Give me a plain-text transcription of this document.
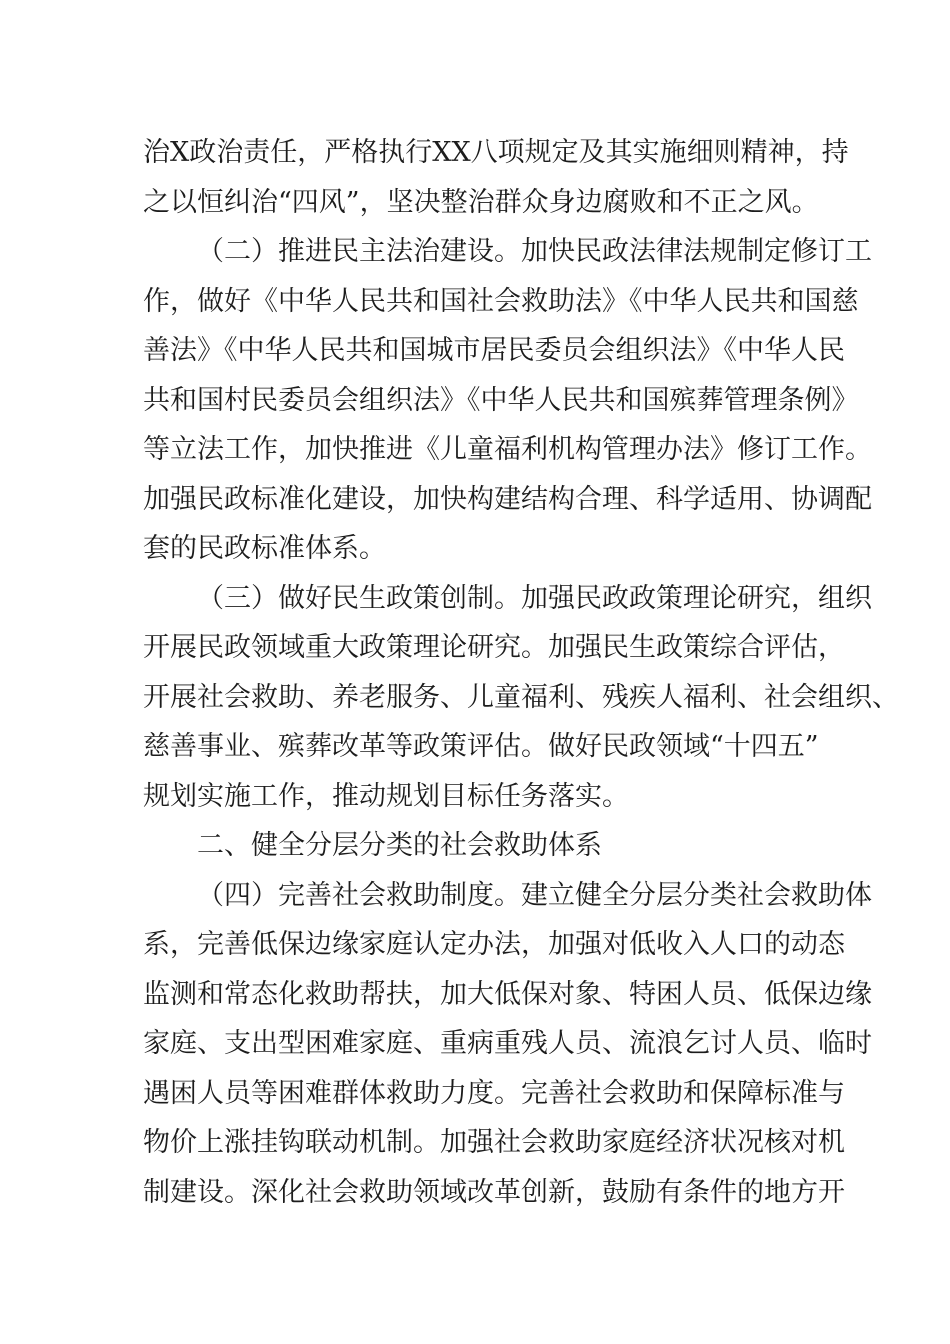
治X政治责任，严格执行XX八项规定及其实施细则精神，持
之以恒纠治“四风”，坚决整治群众身边腐败和不正之风。
（二）推进民主法治建设。加快民政法律法规制定修订工
作，做好《中华人民共和国社会救助法》《中华人民共和国慈
善法》《中华人民共和国城市居民委员会组织法》《中华人民
共和国村民委员会组织法》《中华人民共和国殡葬管理条例》
等立法工作，加快推进《儿童福利机构管理办法》修订工作。
加强民政标准化建设，加快构建结构合理、科学适用、协调配
套的民政标准体系。
（三）做好民生政策创制。加强民政政策理论研究，组织
开展民政领域重大政策理论研究。加强民生政策综合评估，
开展社会救助、养老服务、儿童福利、残疾人福利、社会组织、
慈善事业、殡葬改革等政策评估。做好民政领域“十四五”
规划实施工作，推动规划目标任务落实。
二、健全分层分类的社会救助体系
（四）完善社会救助制度。建立健全分层分类社会救助体
系，完善低保边缘家庭认定办法，加强对低收入人口的动态
监测和常态化救助帮扶，加大低保对象、特困人员、低保边缘
家庭、支出型困难家庭、重病重残人员、流浪乞讨人员、临时
遇困人员等困难群体救助力度。完善社会救助和保障标准与
物价上涨挂钩联动机制。加强社会救助家庭经济状况核对机
制建设。深化社会救助领域改革创新，鼓励有条件的地方开
